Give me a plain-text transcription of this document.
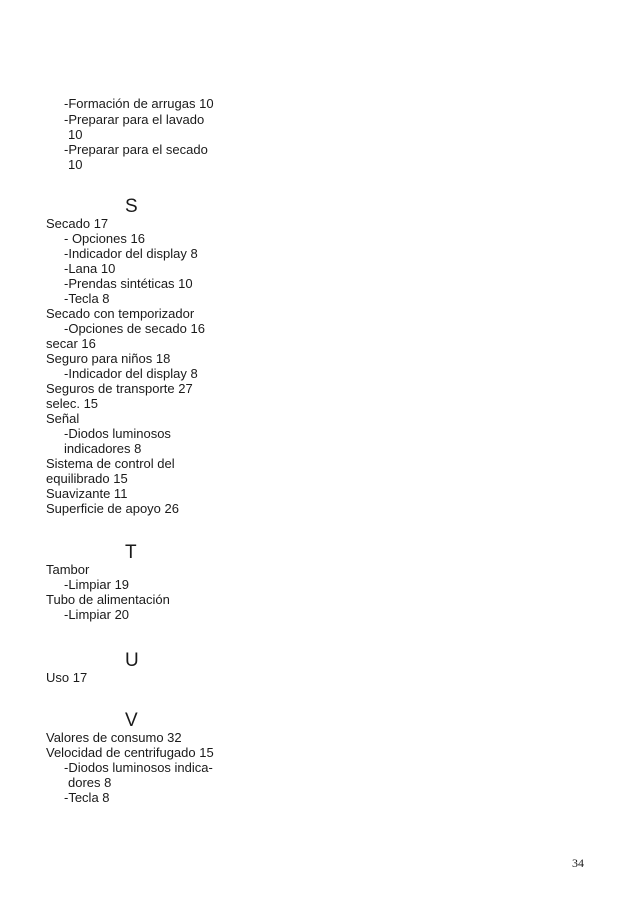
-Formación de arrugas 10
-Preparar para el lavado
10
-Preparar para el secado
10
S
Secado 17
- Opciones 16
-Indicador del display 8
-Lana 10
-Prendas sintéticas 10
-Tecla 8
Secado con temporizador
-Opciones de secado 16
secar 16
Seguro para niños 18
-Indicador del display 8
Seguros de transporte 27
selec. 15
Señal
-Diodos luminosos
indicadores 8
Sistema de control del
equilibrado 15
Suavizante 11
Superficie de apoyo 26
T
Tambor
-Limpiar 19
Tubo de alimentación
-Limpiar 20
U
Uso 17
V
Valores de consumo 32
Velocidad de centrifugado 15
-Diodos luminosos indica-
dores 8
-Tecla 8
34
